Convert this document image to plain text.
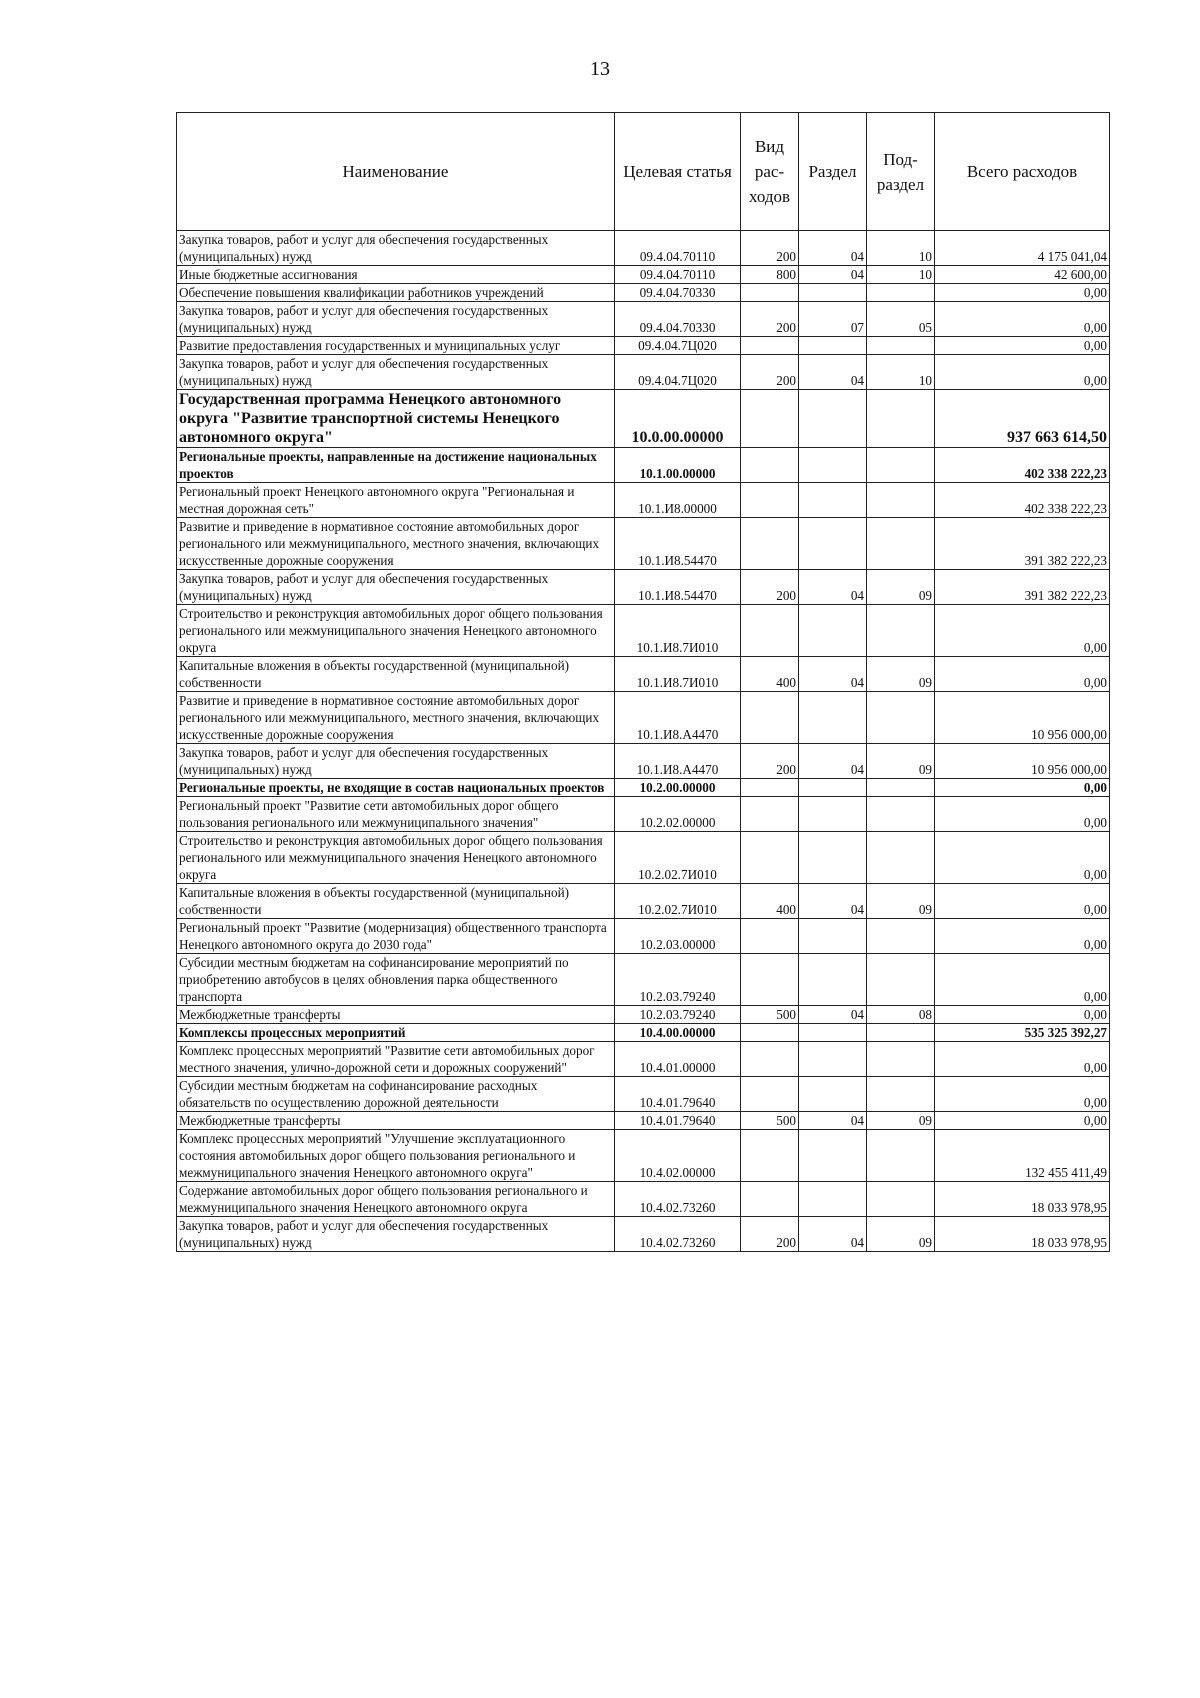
13
Наименование	Целевая статья	Вид рас-ходов	Раздел	Под-раздел	Всего расходов
Закупка товаров, работ и услуг для обеспечения государственных (муниципальных) нужд	09.4.04.70110	200	04	10	4 175 041,04
Иные бюджетные ассигнования	09.4.04.70110	800	04	10	42 600,00
Обеспечение повышения квалификации работников учреждений	09.4.04.70330				0,00
Закупка товаров, работ и услуг для обеспечения государственных (муниципальных) нужд	09.4.04.70330	200	07	05	0,00
Развитие предоставления государственных и муниципальных услуг	09.4.04.7Ц020				0,00
Закупка товаров, работ и услуг для обеспечения государственных (муниципальных) нужд	09.4.04.7Ц020	200	04	10	0,00
Государственная программа Ненецкого автономного округа "Развитие транспортной системы Ненецкого автономного округа"	10.0.00.00000				937 663 614,50
Региональные проекты, направленные на достижение национальных проектов	10.1.00.00000				402 338 222,23
Региональный проект Ненецкого автономного округа "Региональная и местная дорожная сеть"	10.1.И8.00000				402 338 222,23
Развитие и приведение в нормативное состояние автомобильных дорог регионального или межмуниципального, местного значения, включающих искусственные дорожные сооружения	10.1.И8.54470				391 382 222,23
Закупка товаров, работ и услуг для обеспечения государственных (муниципальных) нужд	10.1.И8.54470	200	04	09	391 382 222,23
Строительство и реконструкция автомобильных дорог общего пользования регионального или межмуниципального значения Ненецкого автономного округа	10.1.И8.7И010				0,00
Капитальные вложения в объекты государственной (муниципальной) собственности	10.1.И8.7И010	400	04	09	0,00
Развитие и приведение в нормативное состояние автомобильных дорог регионального или межмуниципального, местного значения, включающих искусственные дорожные сооружения	10.1.И8.А4470				10 956 000,00
Закупка товаров, работ и услуг для обеспечения государственных (муниципальных) нужд	10.1.И8.А4470	200	04	09	10 956 000,00
Региональные проекты, не входящие в состав национальных проектов	10.2.00.00000				0,00
Региональный проект "Развитие сети автомобильных дорог общего пользования регионального или межмуниципального значения"	10.2.02.00000				0,00
Строительство и реконструкция автомобильных дорог общего пользования регионального или межмуниципального значения Ненецкого автономного округа	10.2.02.7И010				0,00
Капитальные вложения в объекты государственной (муниципальной) собственности	10.2.02.7И010	400	04	09	0,00
Региональный проект "Развитие (модернизация) общественного транспорта Ненецкого автономного округа до 2030 года"	10.2.03.00000				0,00
Субсидии местным бюджетам на софинансирование мероприятий по приобретению автобусов в целях обновления парка общественного транспорта	10.2.03.79240				0,00
Межбюджетные трансферты	10.2.03.79240	500	04	08	0,00
Комплексы процессных мероприятий	10.4.00.00000				535 325 392,27
Комплекс процессных мероприятий "Развитие сети автомобильных дорог местного значения, улично-дорожной сети и дорожных сооружений"	10.4.01.00000				0,00
Субсидии местным бюджетам на софинансирование расходных обязательств по осуществлению дорожной деятельности	10.4.01.79640				0,00
Межбюджетные трансферты	10.4.01.79640	500	04	09	0,00
Комплекс процессных мероприятий "Улучшение эксплуатационного состояния автомобильных дорог общего пользования регионального и межмуниципального значения Ненецкого автономного округа"	10.4.02.00000				132 455 411,49
Содержание автомобильных дорог общего пользования регионального и межмуниципального значения Ненецкого автономного округа	10.4.02.73260				18 033 978,95
Закупка товаров, работ и услуг для обеспечения государственных (муниципальных) нужд	10.4.02.73260	200	04	09	18 033 978,95
